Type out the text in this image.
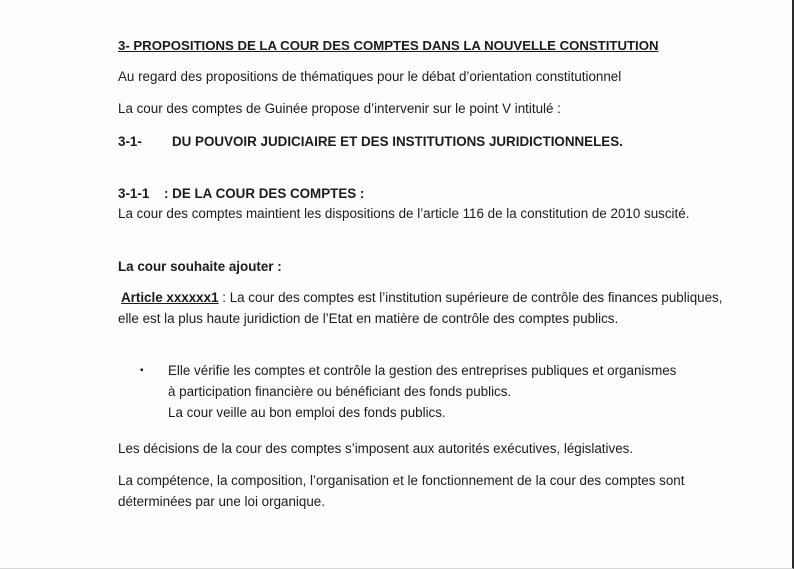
3- PROPOSITIONS DE LA COUR DES COMPTES DANS LA NOUVELLE CONSTITUTION

Au regard des propositions de thématiques pour le débat d’orientation constitutionnel

La cour des comptes de Guinée propose d’intervenir sur le point V intitulé :

3-1- DU POUVOIR JUDICIAIRE ET DES INSTITUTIONS JURIDICTIONNELES.

3-1-1 : DE LA COUR DES COMPTES :

La cour des comptes maintient les dispositions de l’article 116 de la constitution de 2010 suscité.

La cour souhaite ajouter :

Article xxxxxx1 : La cour des comptes est l’institution supérieure de contrôle des finances publiques, elle est la plus haute juridiction de l’Etat en matière de contrôle des comptes publics.

▪ Elle vérifie les comptes et contrôle la gestion des entreprises publiques et organismes
à participation financière ou bénéficiant des fonds publics.
La cour veille au bon emploi des fonds publics.

Les décisions de la cour des comptes s’imposent aux autorités exécutives, législatives.

La compétence, la composition, l’organisation et le fonctionnement de la cour des comptes sont déterminées par une loi organique.
